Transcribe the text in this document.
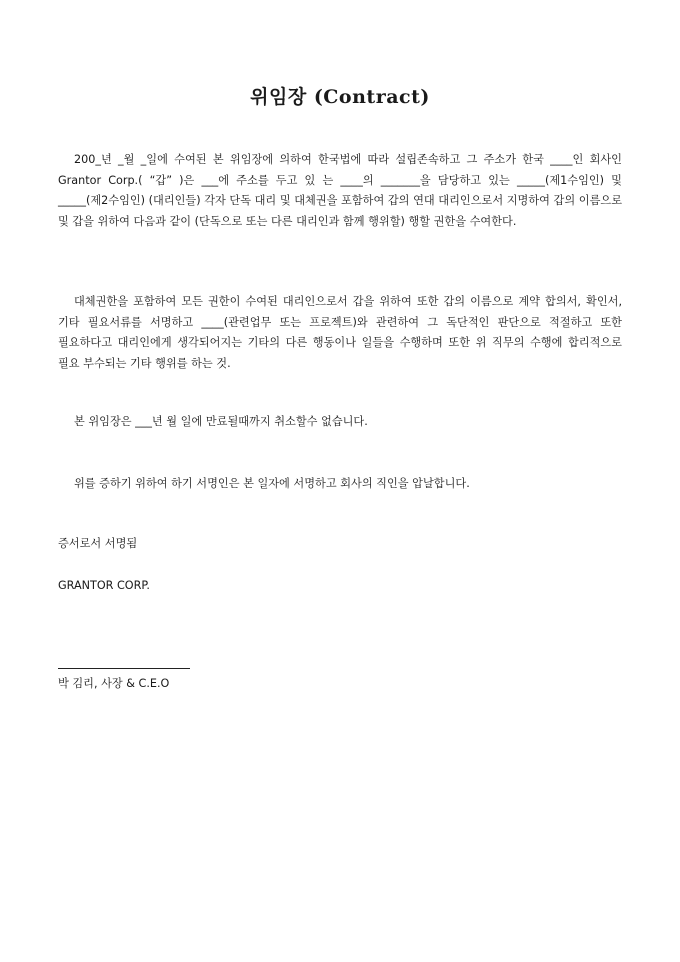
위임장 (Contract)

200_년 _월 _일에 수여된 본 위임장에 의하여 한국법에 따라 설립존속하고 그 주소가 한국 ____인 회사인 Grantor Corp.( “갑” )은 ___에 주소를 두고 있 는 ____의 _______을 담당하고 있는 _____(제1수임인) 및 _____(제2수임인) (대리인들) 각자 단독 대리 및 대체권을 포함하여 갑의 연대 대리인으로서 지명하여 갑의 이름으로 및 갑을 위하여 다음과 같이 (단독으로 또는 다른 대리인과 함께 행위할) 행할 권한을 수여한다.

대체권한을 포함하여 모든 권한이 수여된 대리인으로서 갑을 위하여 또한 갑의 이름으로 계약 합의서, 확인서, 기타 필요서류를 서명하고 ____(관련업무 또는 프로젝트)와 관련하여 그 독단적인 판단으로 적절하고 또한 필요하다고 대리인에게 생각되어지는 기타의 다른 행동이나 일들을 수행하며 또한 위 직무의 수행에 합리적으로 필요 부수되는 기타 행위를 하는 것.

본 위임장은 ___년 월 일에 만료될때까지 취소할수 없습니다.

위를 증하기 위하여 하기 서명인은 본 일자에 서명하고 회사의 직인을 압날합니다.

증서로서 서명됨

GRANTOR CORP.

박 김리, 사장 & C.E.O
